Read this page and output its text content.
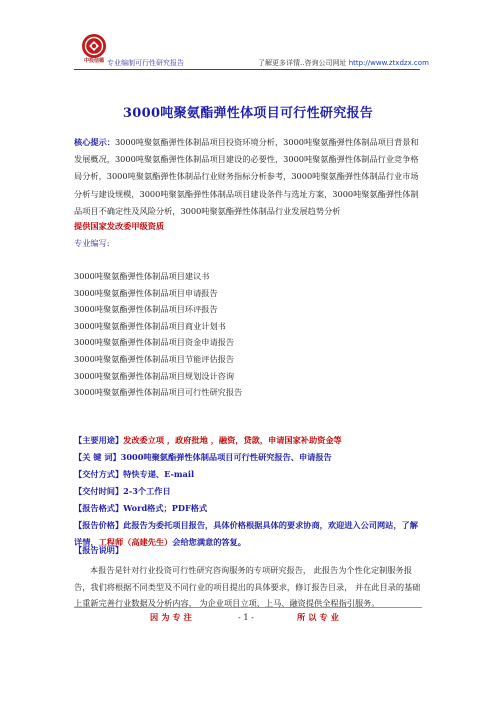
中投信德 专业编制可行性研究报告	了解更多详情..咨询公司网址 http://www.ztxdzx.com
3000吨聚氨酯弹性体项目可行性研究报告
核心提示：3000吨聚氨酯弹性体制品项目投资环境分析，3000吨聚氨酯弹性体制品项目背景和发展概况，3000吨聚氨酯弹性体制品项目建设的必要性，3000吨聚氨酯弹性体制品行业竞争格局分析，3000吨聚氨酯弹性体制品行业财务指标分析参考，3000吨聚氨酯弹性体制品行业市场分析与建设规模，3000吨聚氨酯弹性体制品项目建设条件与选址方案，3000吨聚氨酯弹性体制品项目不确定性及风险分析，3000吨聚氨酯弹性体制品行业发展趋势分析
提供国家发改委甲级资质
专业编写:
3000吨聚氨酯弹性体制品项目建议书
3000吨聚氨酯弹性体制品项目申请报告
3000吨聚氨酯弹性体制品项目环评报告
3000吨聚氨酯弹性体制品项目商业计划书
3000吨聚氨酯弹性体制品项目资金申请报告
3000吨聚氨酯弹性体制品项目节能评估报告
3000吨聚氨酯弹性体制品项目规划设计咨询
3000吨聚氨酯弹性体制品项目可行性研究报告
【主要用途】发改委立项 ，政府批地 ，融资，贷款，申请国家补助资金等
【关 键 词】3000吨聚氨酯弹性体制品项目可行性研究报告、申请报告
【交付方式】特快专递、E-mail
【交付时间】2-3个工作日
【报告格式】Word格式；PDF格式
【报告价格】此报告为委托项目报告，具体价格根据具体的要求协商，欢迎进入公司网站，了解详情，工程师（高建先生）会给您满意的答复。
【报告说明】
本报告是针对行业投资可行性研究咨询服务的专项研究报告， 此报告为个性化定制服务报告，我们将根据不同类型及不同行业的项目提出的具体要求，修订报告目录， 并在此目录的基础上重新完善行业数据及分析内容， 为企业项目立项、上马、融资提供全程指引服务。
因为专注	- 1 -	所以专业
